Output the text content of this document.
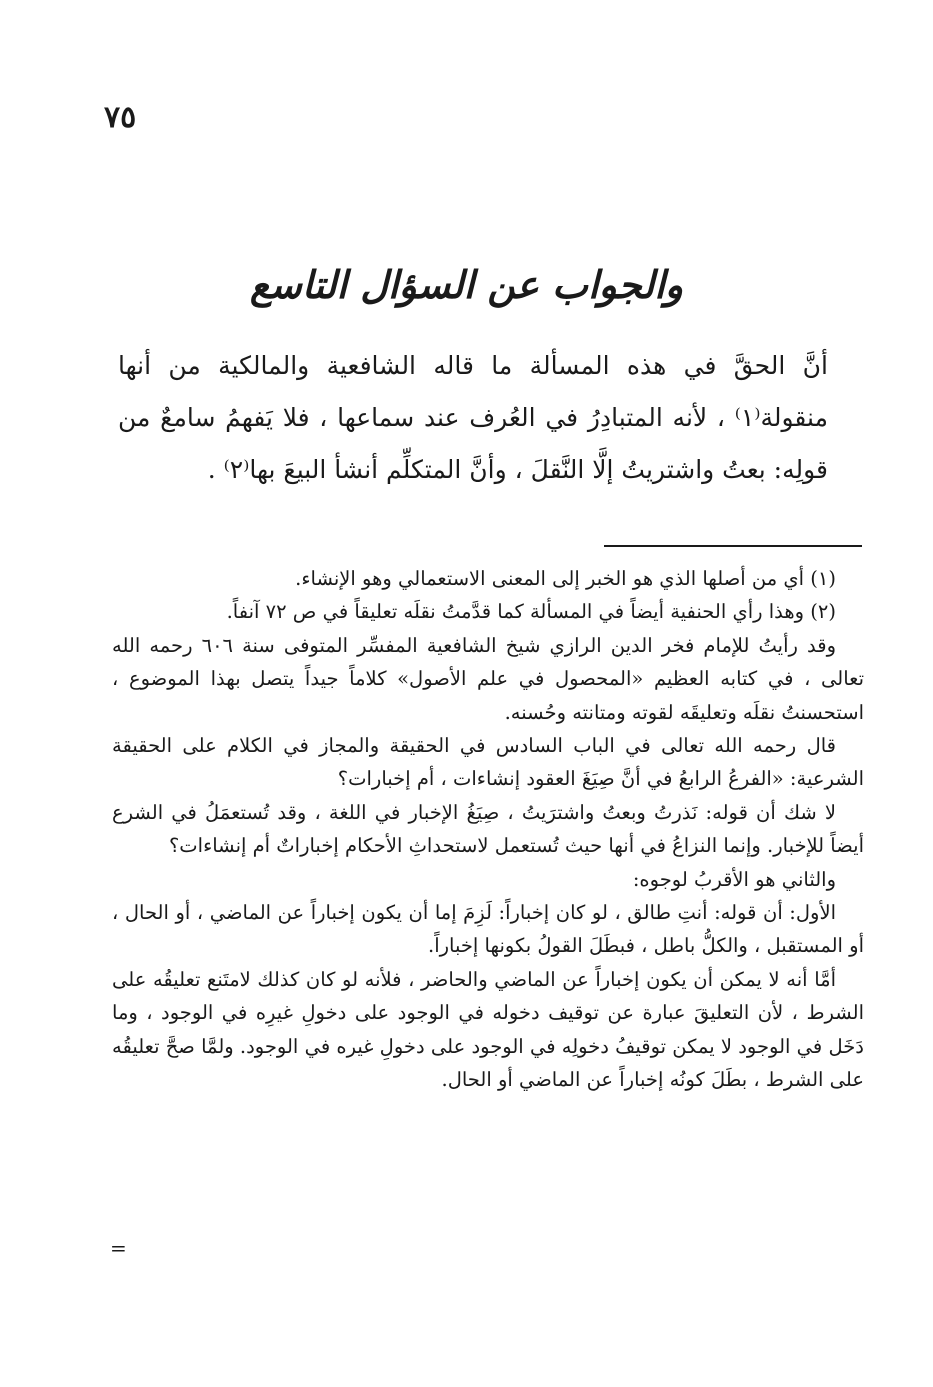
٧٥
والجواب عن السؤال التاسع

أنَّ الحقَّ في هذه المسألة ما قاله الشافعية والمالكية من أنها منقولة⁽١⁾ ، لأنه المتبادِرُ في العُرف عند سماعها ، فلا يَفهمُ سامعٌ من قولِه: بعتُ واشتريتُ إلَّا النَّقلَ ، وأنَّ المتكلِّم أنشأ البيعَ بها⁽٢⁾ .

(١) أي من أصلها الذي هو الخبر إلى المعنى الاستعمالي وهو الإنشاء.

(٢) وهذا رأي الحنفية أيضاً في المسألة كما قدَّمتُ نقلَه تعليقاً في ص ٧٢ آنفاً.

وقد رأيتُ للإمام فخر الدين الرازي شيخ الشافعية المفسِّر المتوفى سنة ٦٠٦ رحمه الله تعالى ، في كتابه العظيم «المحصول في علم الأصول» كلاماً جيداً يتصل بهذا الموضوع ، استحسنتُ نقلَه وتعليقَه لقوته ومتانته وحُسنه.

قال رحمه الله تعالى في الباب السادس في الحقيقة والمجاز في الكلام على الحقيقة الشرعية: «الفرعُ الرابعُ في أنَّ صِيَغَ العقود إنشاءات ، أم إخبارات؟

لا شك أن قوله: نَذرتُ وبعتُ واشترَيتُ ، صِيَغُ الإخبار في اللغة ، وقد تُستعمَلُ في الشرع أيضاً للإخبار. وإنما النزاعُ في أنها حيث تُستعمل لاستحداثِ الأحكام إخباراتٌ أم إنشاءات؟

والثاني هو الأقربُ لوجوه:

الأول: أن قوله: أنتِ طالق ، لو كان إخباراً: لَزِمَ إما أن يكون إخباراً عن الماضي ، أو الحال ، أو المستقبل ، والكلُّ باطل ، فبطَلَ القولُ بكونها إخباراً.

أمَّا أنه لا يمكن أن يكون إخباراً عن الماضي والحاضر ، فلأنه لو كان كذلك لامتَنع تعليقُه على الشرط ، لأن التعليقَ عبارة عن توقيف دخوله في الوجود على دخولِ غيرِه في الوجود ، وما دَخَل في الوجود لا يمكن توقيفُ دخولِه في الوجود على دخولِ غيره في الوجود. ولمَّا صحَّ تعليقُه على الشرط ، بطَلَ كونُه إخباراً عن الماضي أو الحال.

=
